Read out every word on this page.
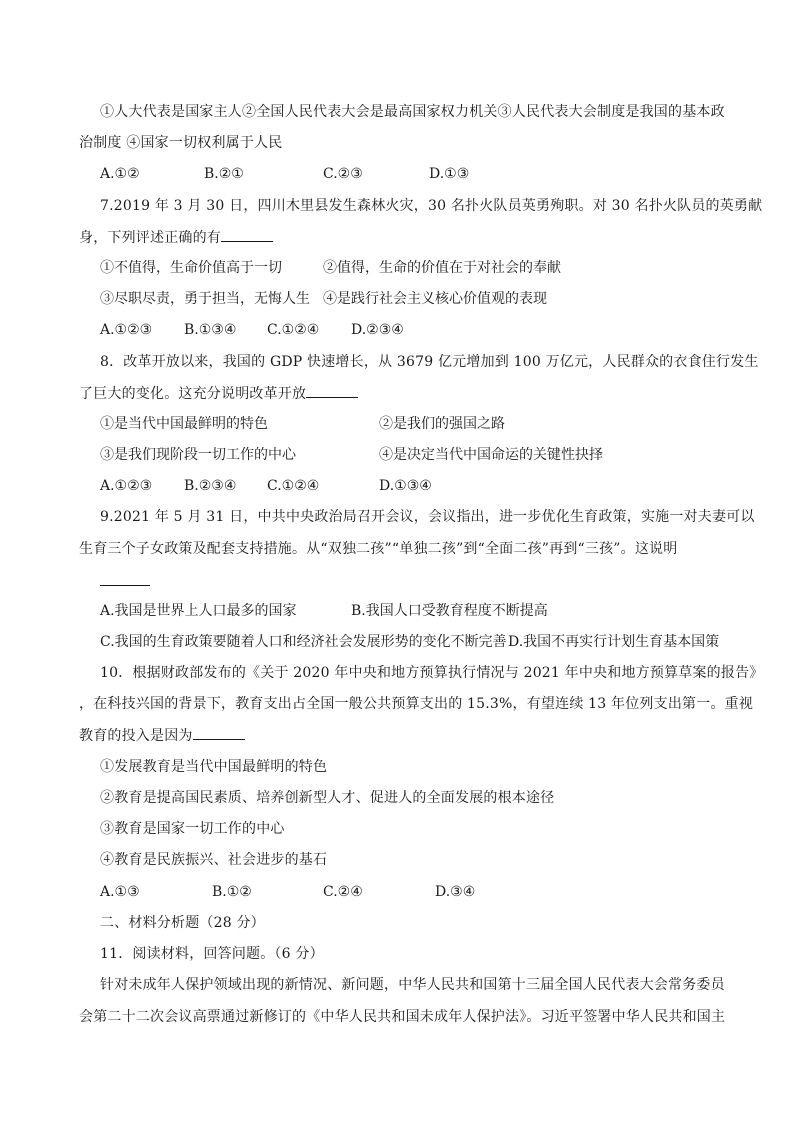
①人大代表是国家主人②全国人民代表大会是最高国家权力机关③人民代表大会制度是我国的基本政
治制度 ④国家一切权利属于人民
A.①②	B.②①	C.②③	D.①③
7.2019 年 3 月 30 日，四川木里县发生森林火灾，30 名扑火队员英勇殉职。对 30 名扑火队员的英勇献
身，下列评述正确的有
①不值得，生命价值高于一切	②值得，生命的价值在于对社会的奉献
③尽职尽责，勇于担当，无悔人生 ④是践行社会主义核心价值观的表现
A.①②③ B.①③④ C.①②④ D.②③④
8．改革开放以来，我国的 GDP 快速增长，从 3679 亿元增加到 100 万亿元，人民群众的衣食住行发生
了巨大的变化。这充分说明改革开放
①是当代中国最鲜明的特色	②是我们的强国之路
③是我们现阶段一切工作的中心	④是决定当代中国命运的关键性抉择
A.①②③ B.②③④ C.①②④	D.①③④
9.2021 年 5 月 31 日，中共中央政治局召开会议，会议指出，进一步优化生育政策，实施一对夫妻可以
生育三个子女政策及配套支持措施。从“双独二孩”“单独二孩”到“全面二孩”再到“三孩”。这说明
A.我国是世界上人口最多的国家	B.我国人口受教育程度不断提高
C.我国的生育政策要随着人口和经济社会发展形势的变化不断完善 D.我国不再实行计划生育基本国策
10．根据财政部发布的《关于 2020 年中央和地方预算执行情况与 2021 年中央和地方预算草案的报告》
，在科技兴国的背景下，教育支出占全国一般公共预算支出的 15.3%，有望连续 13 年位列支出第一。重视
教育的投入是因为
①发展教育是当代中国最鲜明的特色
②教育是提高国民素质、培养创新型人才、促进人的全面发展的根本途径
③教育是国家一切工作的中心
④教育是民族振兴、社会进步的基石
A.①③	B.①②	C.②④	D.③④
二、材料分析题（28 分）
11．阅读材料，回答问题。（6 分）
针对未成年人保护领域出现的新情况、新问题，中华人民共和国第十三届全国人民代表大会常务委员
会第二十二次会议高票通过新修订的《中华人民共和国未成年人保护法》。习近平签署中华人民共和国主
